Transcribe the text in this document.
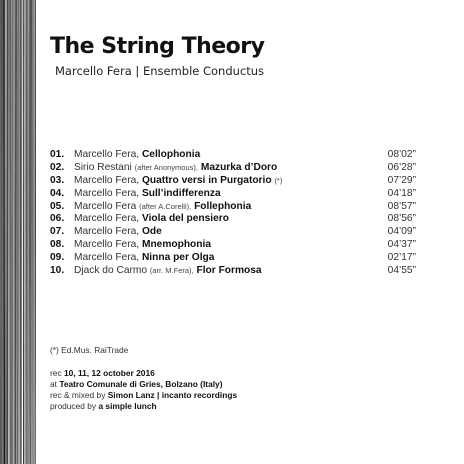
The String Theory
Marcello Fera | Ensemble Conductus
01. Marcello Fera, Cellophonia	08’02”
02. Sirio Restani (after Anonymous), Mazurka d’Doro	06’28”
03. Marcello Fera, Quattro versi in Purgatorio (*)	07’29”
04. Marcello Fera, Sull’indifferenza	04’18”
05. Marcello Fera (after A.Corelli), Follephonia	08’57”
06. Marcello Fera, Viola del pensiero	08’56”
07. Marcello Fera, Ode	04’09”
08. Marcello Fera, Mnemophonia	04’37”
09. Marcello Fera, Ninna per Olga	02’17”
10. Djack do Carmo (arr. M.Fera), Flor Formosa	04’55”
(*) Ed.Mus. RaiTrade
rec 10, 11, 12 october 2016
at Teatro Comunale di Gries, Bolzano (Italy)
rec & mixed by Simon Lanz | incanto recordings
produced by a simple lunch
